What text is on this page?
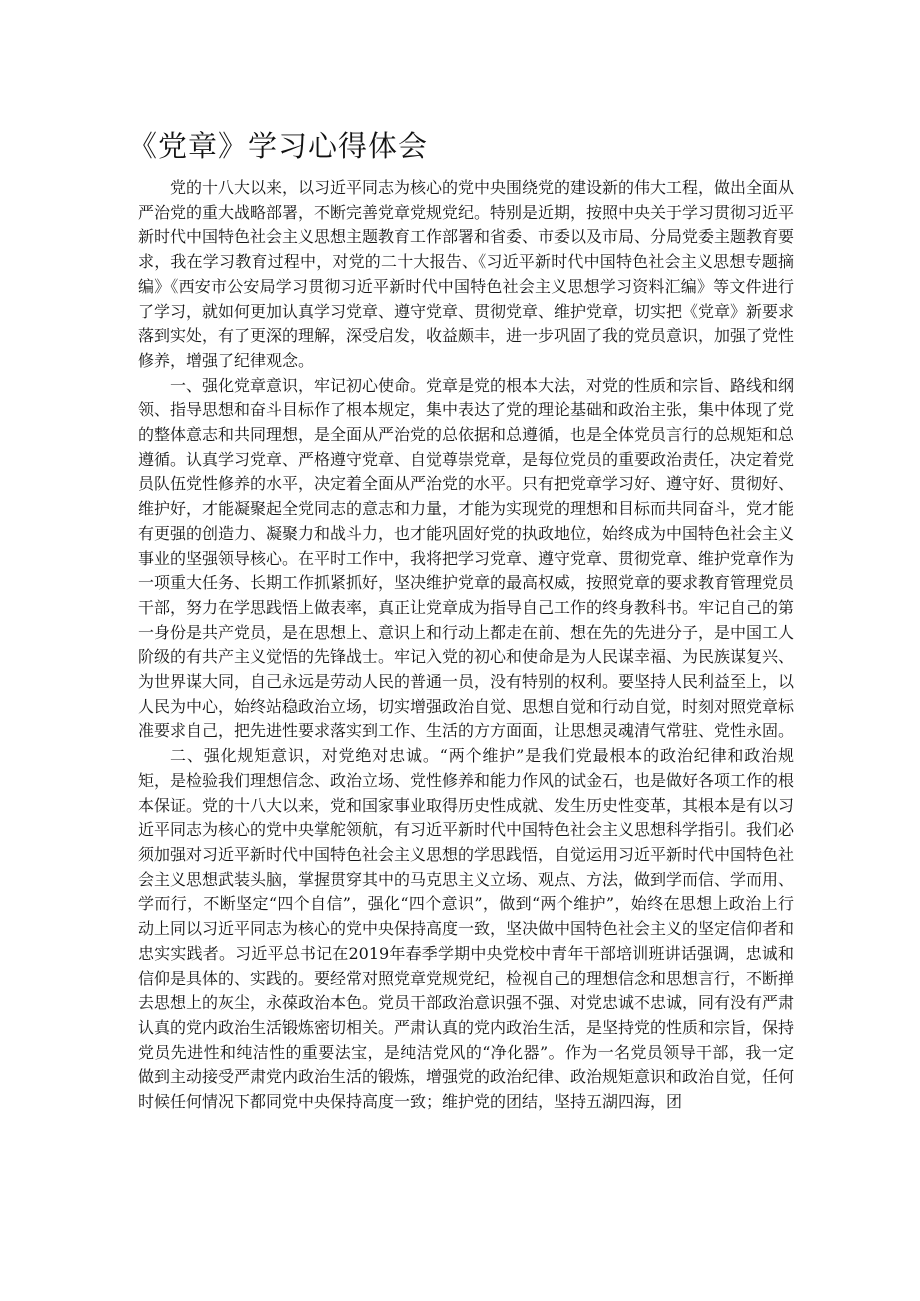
《党章》学习心得体会

党的十八大以来，以习近平同志为核心的党中央围绕党的建设新的伟大工程，做出全面从严治党的重大战略部署，不断完善党章党规党纪。特别是近期，按照中央关于学习贯彻习近平新时代中国特色社会主义思想主题教育工作部署和省委、市委以及市局、分局党委主题教育要求，我在学习教育过程中，对党的二十大报告、《习近平新时代中国特色社会主义思想专题摘编》《西安市公安局学习贯彻习近平新时代中国特色社会主义思想学习资料汇编》等文件进行了学习，就如何更加认真学习党章、遵守党章、贯彻党章、维护党章，切实把《党章》新要求落到实处，有了更深的理解，深受启发，收益颇丰，进一步巩固了我的党员意识，加强了党性修养，增强了纪律观念。

一、强化党章意识，牢记初心使命。党章是党的根本大法，对党的性质和宗旨、路线和纲领、指导思想和奋斗目标作了根本规定，集中表达了党的理论基础和政治主张，集中体现了党的整体意志和共同理想，是全面从严治党的总依据和总遵循，也是全体党员言行的总规矩和总遵循。认真学习党章、严格遵守党章、自觉尊崇党章，是每位党员的重要政治责任，决定着党员队伍党性修养的水平，决定着全面从严治党的水平。只有把党章学习好、遵守好、贯彻好、维护好，才能凝聚起全党同志的意志和力量，才能为实现党的理想和目标而共同奋斗，党才能有更强的创造力、凝聚力和战斗力，也才能巩固好党的执政地位，始终成为中国特色社会主义事业的坚强领导核心。在平时工作中，我将把学习党章、遵守党章、贯彻党章、维护党章作为一项重大任务、长期工作抓紧抓好，坚决维护党章的最高权威，按照党章的要求教育管理党员干部，努力在学思践悟上做表率，真正让党章成为指导自己工作的终身教科书。牢记自己的第一身份是共产党员，是在思想上、意识上和行动上都走在前、想在先的先进分子，是中国工人阶级的有共产主义觉悟的先锋战士。牢记入党的初心和使命是为人民谋幸福、为民族谋复兴、为世界谋大同，自己永远是劳动人民的普通一员，没有特别的权利。要坚持人民利益至上，以人民为中心，始终站稳政治立场，切实增强政治自觉、思想自觉和行动自觉，时刻对照党章标准要求自己，把先进性要求落实到工作、生活的方方面面，让思想灵魂清气常驻、党性永固。

二、强化规矩意识，对党绝对忠诚。“两个维护”是我们党最根本的政治纪律和政治规矩，是检验我们理想信念、政治立场、党性修养和能力作风的试金石，也是做好各项工作的根本保证。党的十八大以来，党和国家事业取得历史性成就、发生历史性变革，其根本是有以习近平同志为核心的党中央掌舵领航，有习近平新时代中国特色社会主义思想科学指引。我们必须加强对习近平新时代中国特色社会主义思想的学思践悟，自觉运用习近平新时代中国特色社会主义思想武装头脑，掌握贯穿其中的马克思主义立场、观点、方法，做到学而信、学而用、学而行，不断坚定“四个自信”，强化“四个意识”，做到“两个维护”，始终在思想上政治上行动上同以习近平同志为核心的党中央保持高度一致，坚决做中国特色社会主义的坚定信仰者和忠实实践者。习近平总书记在2019年春季学期中央党校中青年干部培训班讲话强调，忠诚和信仰是具体的、实践的。要经常对照党章党规党纪，检视自己的理想信念和思想言行，不断掸去思想上的灰尘，永葆政治本色。党员干部政治意识强不强、对党忠诚不忠诚，同有没有严肃认真的党内政治生活锻炼密切相关。严肃认真的党内政治生活，是坚持党的性质和宗旨，保持党员先进性和纯洁性的重要法宝，是纯洁党风的“净化器”。作为一名党员领导干部，我一定做到主动接受严肃党内政治生活的锻炼，增强党的政治纪律、政治规矩意识和政治自觉，任何时候任何情况下都同党中央保持高度一致；维护党的团结，坚持五湖四海，团
